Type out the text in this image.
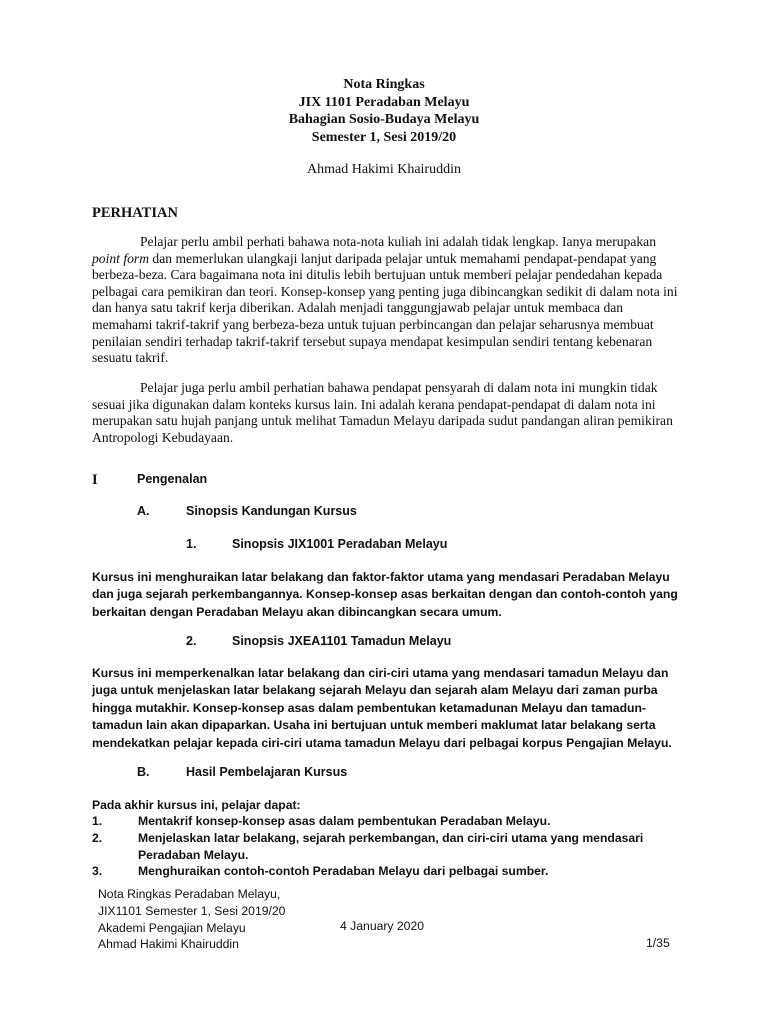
Nota Ringkas
JIX 1101 Peradaban Melayu
Bahagian Sosio-Budaya Melayu
Semester 1, Sesi 2019/20
Ahmad Hakimi Khairuddin
PERHATIAN
Pelajar perlu ambil perhati bahawa nota-nota kuliah ini adalah tidak lengkap. Ianya merupakan point form dan memerlukan ulangkaji lanjut daripada pelajar untuk memahami pendapat-pendapat yang berbeza-beza. Cara bagaimana nota ini ditulis lebih bertujuan untuk memberi pelajar pendedahan kepada pelbagai cara pemikiran dan teori. Konsep-konsep yang penting juga dibincangkan sedikit di dalam nota ini dan hanya satu takrif kerja diberikan. Adalah menjadi tanggungjawab pelajar untuk membaca dan memahami takrif-takrif yang berbeza-beza untuk tujuan perbincangan dan pelajar seharusnya membuat penilaian sendiri terhadap takrif-takrif tersebut supaya mendapat kesimpulan sendiri tentang kebenaran sesuatu takrif.
Pelajar juga perlu ambil perhatian bahawa pendapat pensyarah di dalam nota ini mungkin tidak sesuai jika digunakan dalam konteks kursus lain. Ini adalah kerana pendapat-pendapat di dalam nota ini merupakan satu hujah panjang untuk melihat Tamadun Melayu daripada sudut pandangan aliran pemikiran Antropologi Kebudayaan.
I	Pengenalan
A.	Sinopsis Kandungan Kursus
1.	Sinopsis JIX1001 Peradaban Melayu
Kursus ini menghuraikan latar belakang dan faktor-faktor utama yang mendasari Peradaban Melayu dan juga sejarah perkembangannya. Konsep-konsep asas berkaitan dengan dan contoh-contoh yang berkaitan dengan Peradaban Melayu akan dibincangkan secara umum.
2.	Sinopsis JXEA1101 Tamadun Melayu
Kursus ini memperkenalkan latar belakang dan ciri-ciri utama yang mendasari tamadun Melayu dan juga untuk menjelaskan latar belakang sejarah Melayu dan sejarah alam Melayu dari zaman purba hingga mutakhir. Konsep-konsep asas dalam pembentukan ketamadunan Melayu dan tamadun-tamadun lain akan dipaparkan. Usaha ini bertujuan untuk memberi maklumat latar belakang serta mendekatkan pelajar kepada ciri-ciri utama tamadun Melayu dari pelbagai korpus Pengajian Melayu.
B.	Hasil Pembelajaran Kursus
Pada akhir kursus ini, pelajar dapat:
1.	Mentakrif konsep-konsep asas dalam pembentukan Peradaban Melayu.
2.	Menjelaskan latar belakang, sejarah perkembangan, dan ciri-ciri utama yang mendasari Peradaban Melayu.
3.	Menghuraikan contoh-contoh Peradaban Melayu dari pelbagai sumber.
Nota Ringkas Peradaban Melayu,
JIX1101 Semester 1, Sesi 2019/20
Akademi Pengajian Melayu
Ahmad Hakimi Khairuddin
4 January 2020
1/35
